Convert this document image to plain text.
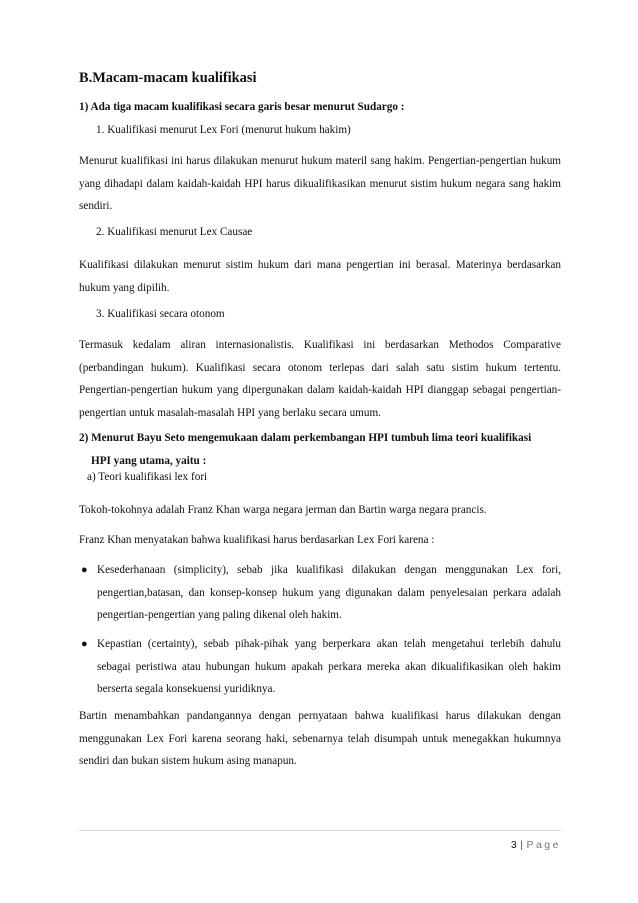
B.Macam-macam kualifikasi

1) Ada tiga macam kualifikasi secara garis besar menurut Sudargo :

1. Kualifikasi menurut Lex Fori (menurut hukum hakim)

Menurut kualifikasi ini harus dilakukan menurut hukum materil sang hakim. Pengertian-pengertian hukum yang dihadapi dalam kaidah-kaidah HPI harus dikualifikasikan menurut sistim hukum negara sang hakim sendiri.

2. Kualifikasi menurut Lex Causae

Kualifikasi dilakukan menurut sistim hukum dari mana pengertian ini berasal. Materinya berdasarkan hukum yang dipilih.

3. Kualifikasi secara otonom

Termasuk kedalam aliran internasionalistis. Kualifikasi ini berdasarkan Methodos Comparative (perbandingan hukum). Kualifikasi secara otonom terlepas dari salah satu sistim hukum tertentu. Pengertian-pengertian hukum yang dipergunakan dalam kaidah-kaidah HPI dianggap sebagai pengertian-pengertian untuk masalah-masalah HPI yang berlaku secara umum.

2) Menurut Bayu Seto mengemukaan dalam perkembangan HPI tumbuh lima teori kualifikasi

HPI yang utama, yaitu :

a) Teori kualifikasi lex fori

Tokoh-tokohnya adalah Franz Khan warga negara jerman dan Bartin warga negara prancis.

Franz Khan menyatakan bahwa kualifikasi harus berdasarkan Lex Fori karena :

● Kesederhanaan (simplicity), sebab jika kualifikasi dilakukan dengan menggunakan Lex fori, pengertian,batasan, dan konsep-konsep hukum yang digunakan dalam penyelesaian perkara adalah pengertian-pengertian yang paling dikenal oleh hakim.
● Kepastian (certainty), sebab pihak-pihak yang berperkara akan telah mengetahui terlebih dahulu sebagai peristiwa atau hubungan hukum apakah perkara mereka akan dikualifikasikan oleh hakim berserta segala konsekuensi yuridiknya.

Bartin menambahkan pandangannya dengan pernyataan bahwa kualifikasi harus dilakukan dengan menggunakan Lex Fori karena seorang haki, sebenarnya telah disumpah untuk menegakkan hukumnya sendiri dan bukan sistem hukum asing manapun.

3 | Page
